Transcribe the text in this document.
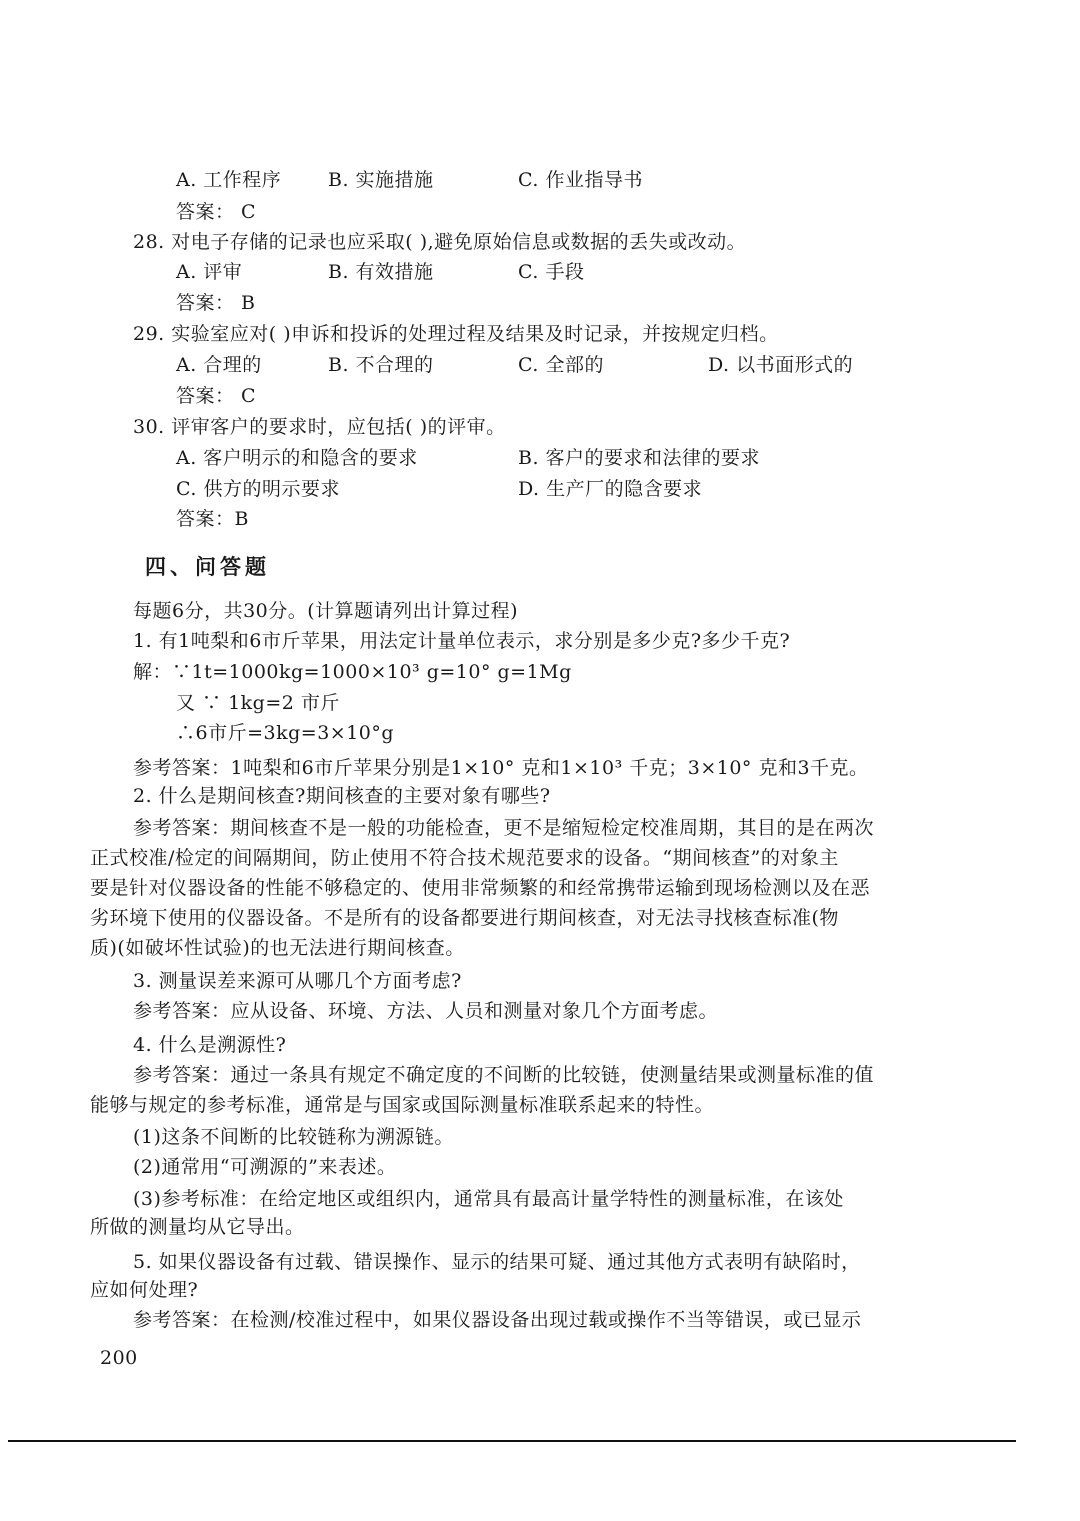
A. 工作程序 B. 实施措施	C. 作业指导书
答案： C
28. 对电子存储的记录也应采取( ),避免原始信息或数据的丢失或改动。
A. 评审	B. 有效措施	C. 手段
答案： B
29. 实验室应对( )申诉和投诉的处理过程及结果及时记录，并按规定归档。
A. 合理的	B. 不合理的	C. 全部的	D. 以书面形式的
答案： C
30. 评审客户的要求时，应包括( )的评审。
A. 客户明示的和隐含的要求	B. 客户的要求和法律的要求
C. 供方的明示要求	D. 生产厂的隐含要求
答案：B
四、问答题
每题6分，共30分。(计算题请列出计算过程)
1. 有1吨梨和6市斤苹果，用法定计量单位表示，求分别是多少克?多少千克?
解：∵1t=1000kg=1000×10³ g=10° g=1Mg
又 ∵ 1kg=2 市斤
∴6市斤=3kg=3×10°g
参考答案：1吨梨和6市斤苹果分别是1×10° 克和1×10³ 千克；3×10° 克和3千克。
2. 什么是期间核查?期间核查的主要对象有哪些?
参考答案：期间核查不是一般的功能检查，更不是缩短检定校准周期，其目的是在两次
正式校准/检定的间隔期间，防止使用不符合技术规范要求的设备。“期间核查”的对象主
要是针对仪器设备的性能不够稳定的、使用非常频繁的和经常携带运输到现场检测以及在恶
劣环境下使用的仪器设备。不是所有的设备都要进行期间核查，对无法寻找核查标准(物
质)(如破坏性试验)的也无法进行期间核查。
3. 测量误差来源可从哪几个方面考虑?
参考答案：应从设备、环境、方法、人员和测量对象几个方面考虑。
4. 什么是溯源性?
参考答案：通过一条具有规定不确定度的不间断的比较链，使测量结果或测量标准的值
能够与规定的参考标准，通常是与国家或国际测量标准联系起来的特性。
(1)这条不间断的比较链称为溯源链。
(2)通常用“可溯源的”来表述。
(3)参考标准：在给定地区或组织内，通常具有最高计量学特性的测量标准，在该处
所做的测量均从它导出。
5. 如果仪器设备有过载、错误操作、显示的结果可疑、通过其他方式表明有缺陷时，
应如何处理?
参考答案：在检测/校准过程中，如果仪器设备出现过载或操作不当等错误，或已显示
200
